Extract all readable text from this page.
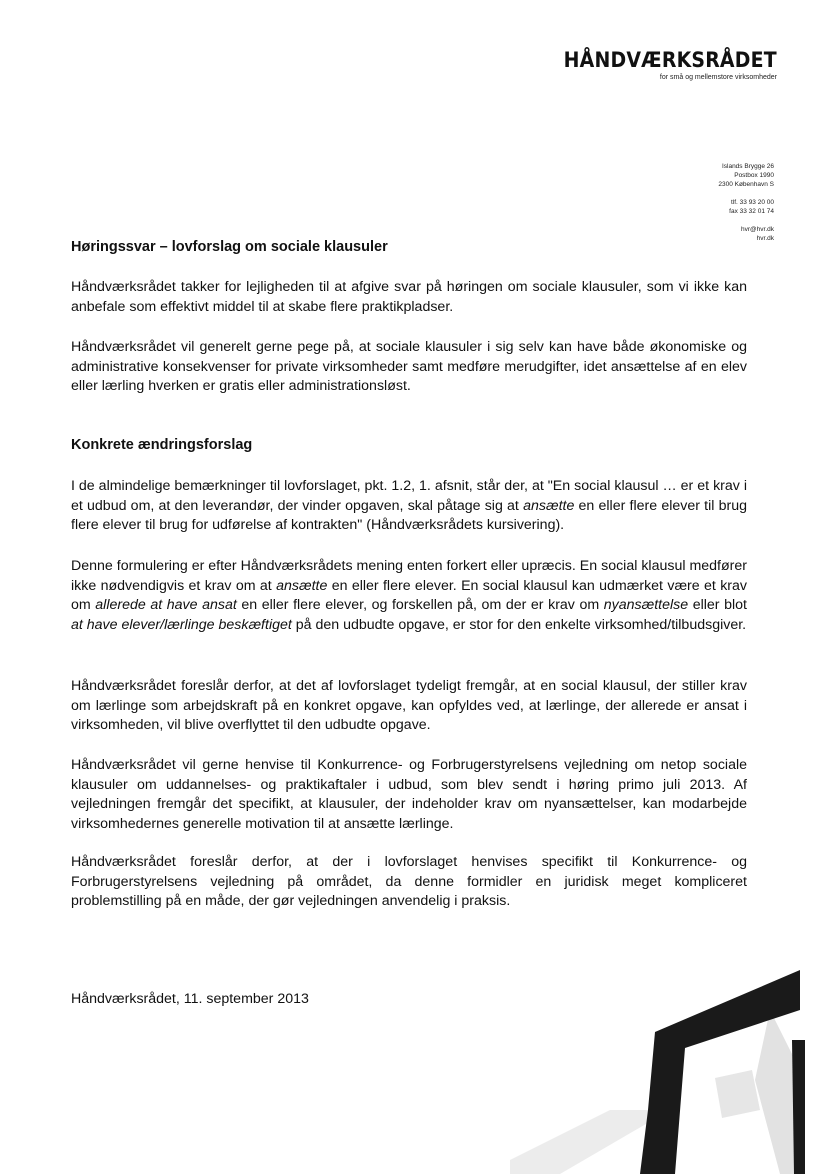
HÅNDVÆRKSRÅDET
for små og mellemstore virksomheder
Islands Brygge 26
Postbox 1990
2300 København S
tlf. 33 93 20 00
fax 33 32 01 74
hvr@hvr.dk
hvr.dk
Høringssvar – lovforslag om sociale klausuler

Håndværksrådet takker for lejligheden til at afgive svar på høringen om sociale klausuler, som vi ikke kan anbefale som effektivt middel til at skabe flere praktikpladser.

Håndværksrådet vil generelt gerne pege på, at sociale klausuler i sig selv kan have både økonomiske og administrative konsekvenser for private virksomheder samt medføre merudgifter, idet ansættelse af en elev eller lærling hverken er gratis eller administrationsløst.

Konkrete ændringsforslag

I de almindelige bemærkninger til lovforslaget, pkt. 1.2, 1. afsnit, står der, at "En social klausul … er et krav i et udbud om, at den leverandør, der vinder opgaven, skal påtage sig at ansætte en eller flere elever til brug flere elever til brug for udførelse af kontrakten" (Håndværksrådets kursivering).

Denne formulering er efter Håndværksrådets mening enten forkert eller upræcis. En social klausul medfører ikke nødvendigvis et krav om at ansætte en eller flere elever. En social klausul kan udmærket være et krav om allerede at have ansat en eller flere elever, og forskellen på, om der er krav om nyansættelse eller blot at have elever/lærlinge beskæftiget på den udbudte opgave, er stor for den enkelte virksomhed/tilbudsgiver.

Håndværksrådet foreslår derfor, at det af lovforslaget tydeligt fremgår, at en social klausul, der stiller krav om lærlinge som arbejdskraft på en konkret opgave, kan opfyldes ved, at lærlinge, der allerede er ansat i virksomheden, vil blive overflyttet til den udbudte opgave.

Håndværksrådet vil gerne henvise til Konkurrence- og Forbrugerstyrelsens vejledning om netop sociale klausuler om uddannelses- og praktikaftaler i udbud, som blev sendt i høring primo juli 2013. Af vejledningen fremgår det specifikt, at klausuler, der indeholder krav om nyansættelser, kan modarbejde virksomhedernes generelle motivation til at ansætte lærlinge.

Håndværksrådet foreslår derfor, at der i lovforslaget henvises specifikt til Konkurrence- og Forbrugerstyrelsens vejledning på området, da denne formidler en juridisk meget kompliceret problemstilling på en måde, der gør vejledningen anvendelig i praksis.

Håndværksrådet, 11. september 2013
